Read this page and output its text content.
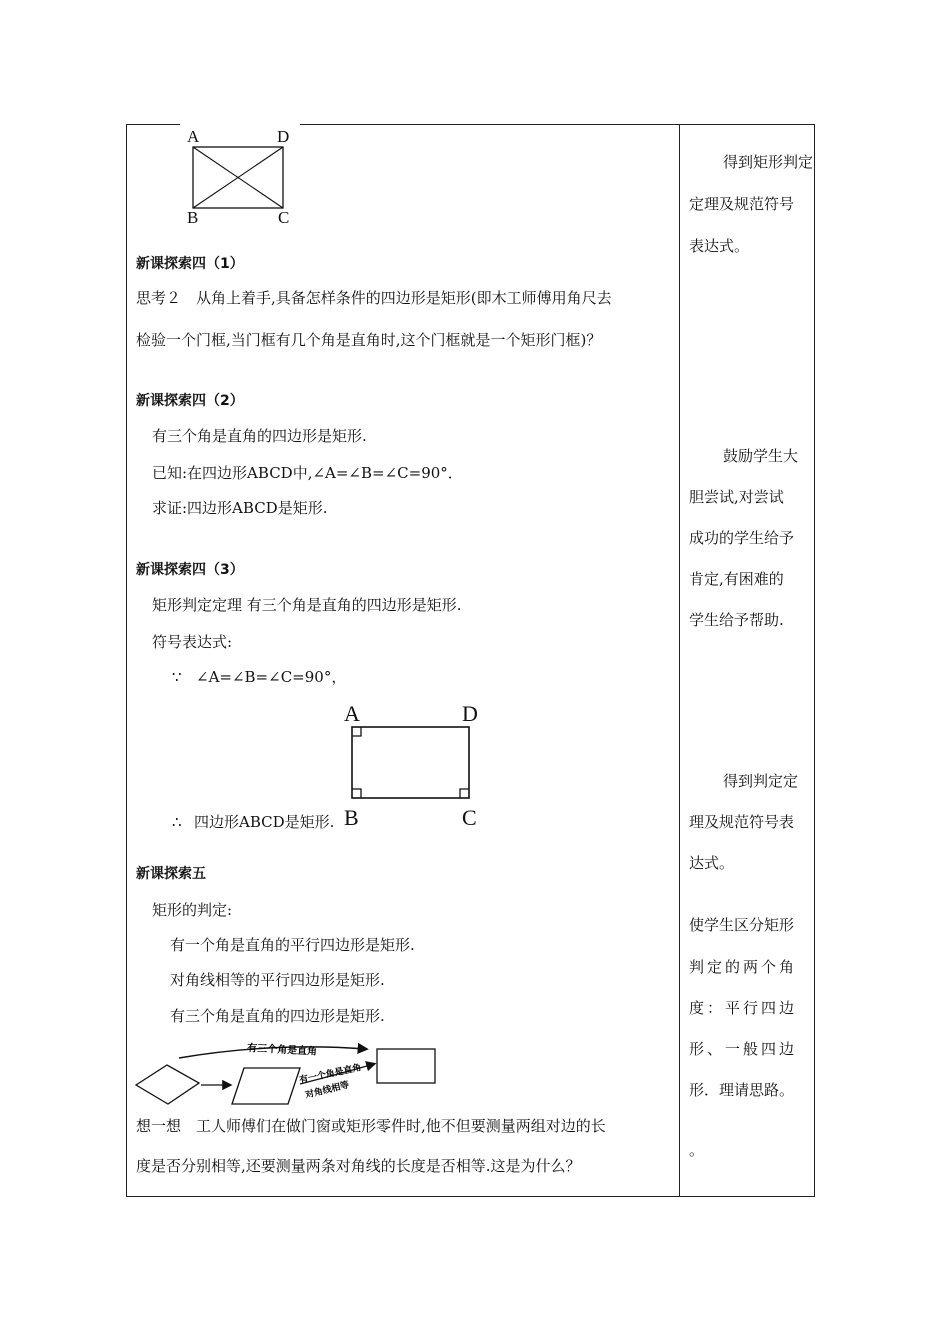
A	D
B	C
新课探索四（1）
思考２　从角上着手,具备怎样条件的四边形是矩形(即木工师傅用角尺去
检验一个门框,当门框有几个角是直角时,这个门框就是一个矩形门框)？
新课探索四（2）
有三个角是直角的四边形是矩形.
已知:在四边形ABCD中,∠A=∠B=∠C=90°．
求证:四边形ABCD是矩形.
新课探索四（3）
矩形判定定理 有三个角是直角的四边形是矩形.
符号表达式:
∵ ∠A=∠B=∠C=90°，
∴ 四边形ABCD是矩形.
A	D
B	C
新课探索五
矩形的判定:
有一个角是直角的平行四边形是矩形.
对角线相等的平行四边形是矩形.
有三个角是直角的四边形是矩形.
有三个角是直角
有一个角是直角
对角线相等
想一想　工人师傅们在做门窗或矩形零件时,他不但要测量两组对边的长
度是否分别相等,还要测量两条对角线的长度是否相等.这是为什么？
得到矩形判定
定理及规范符号
表达式。
鼓励学生大
胆尝试,对尝试
成功的学生给予
肯定,有困难的
学生给予帮助.
得到判定定
理及规范符号表
达式。
使学生区分矩形
判定的两个角
度：平行四边
形、一般四边
形．理请思路。
。
